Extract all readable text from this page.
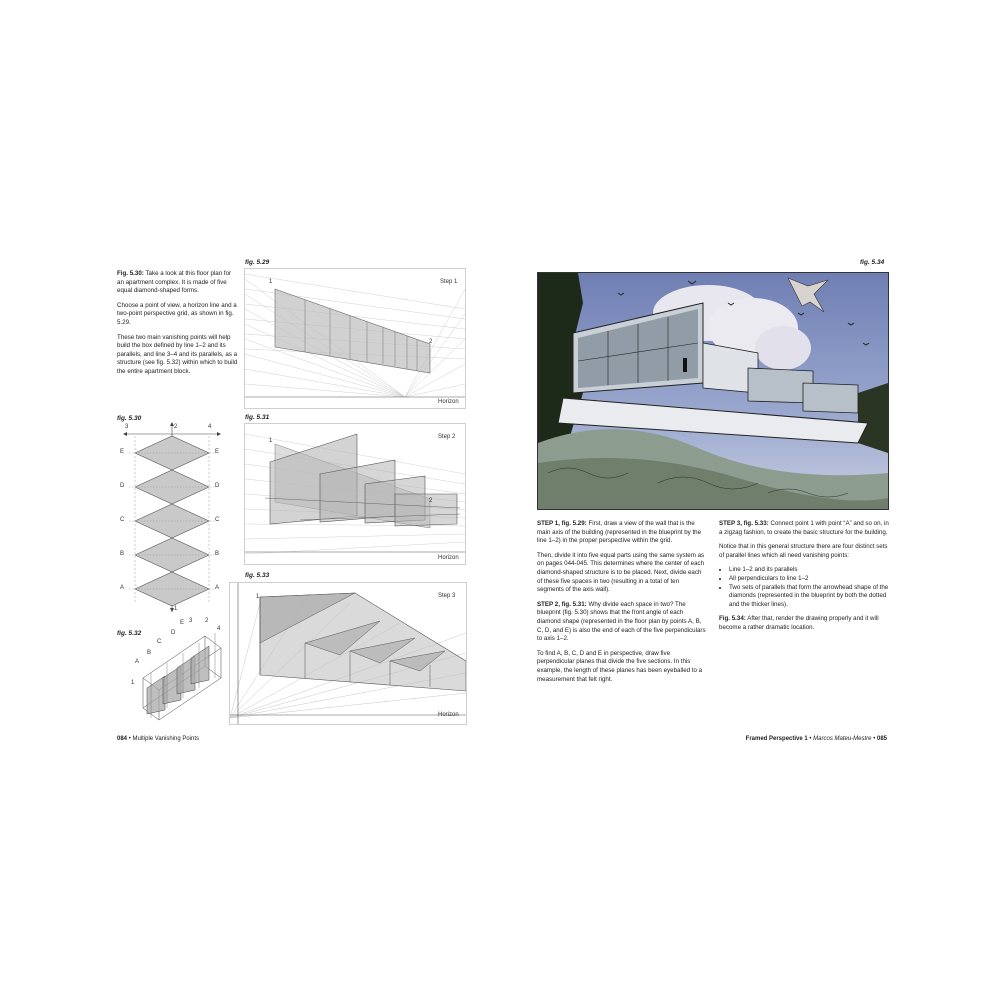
Fig. 5.30: Take a look at this floor plan for an apartment complex. It is made of five equal diamond-shaped forms.

Choose a point of view, a horizon line and a two-point perspective grid, as shown in fig. 5.29.

These two main vanishing points will help build the box defined by line 1–2 and its parallels, and line 3–4 and its parallels, as a structure (see fig. 5.32) within which to build the entire apartment block.

fig. 5.29
Step 1
1
2
Horizon
fig. 5.30
3	2	4
1
E	E
D	D
C	C
B	B
A	A
fig. 5.31
Step 2
1
2
Horizon
fig. 5.33
Step 3
1
Horizon
fig. 5.32
E
D
C
B
A
3 2
4
1
084 • Multiple Vanishing Points
fig. 5.34

STEP 1, fig. 5.29: First, draw a view of the wall that is the main axis of the building (represented in the blueprint by the line 1–2) in the proper perspective within the grid.

Then, divide it into five equal parts using the same system as on pages 044-045. This determines where the center of each diamond-shaped structure is to be placed. Next, divide each of these five spaces in two (resulting in a total of ten segments of the axis wall).

STEP 2, fig. 5.31: Why divide each space in two? The blueprint (fig. 5.30) shows that the front angle of each diamond shape (represented in the floor plan by points A, B, C, D, and E) is also the end of each of the five perpendiculars to axis 1–2.

To find A, B, C, D and E in perspective, draw five perpendicular planes that divide the five sections. In this example, the length of these planes has been eyeballed to a measurement that felt right.

STEP 3, fig. 5.33: Connect point 1 with point “A” and so on, in a zigzag fashion, to create the basic structure for the building.

Notice that in this general structure there are four distinct sets of parallel lines which all need vanishing points:

• Line 1–2 and its parallels
• All perpendiculars to line 1–2
• Two sets of parallels that form the arrowhead shape of the diamonds (represented in the blueprint by both the dotted and the thicker lines).

Fig. 5.34: After that, render the drawing properly and it will become a rather dramatic location.

Framed Perspective 1 • Marcos Mateu-Mestre • 085
